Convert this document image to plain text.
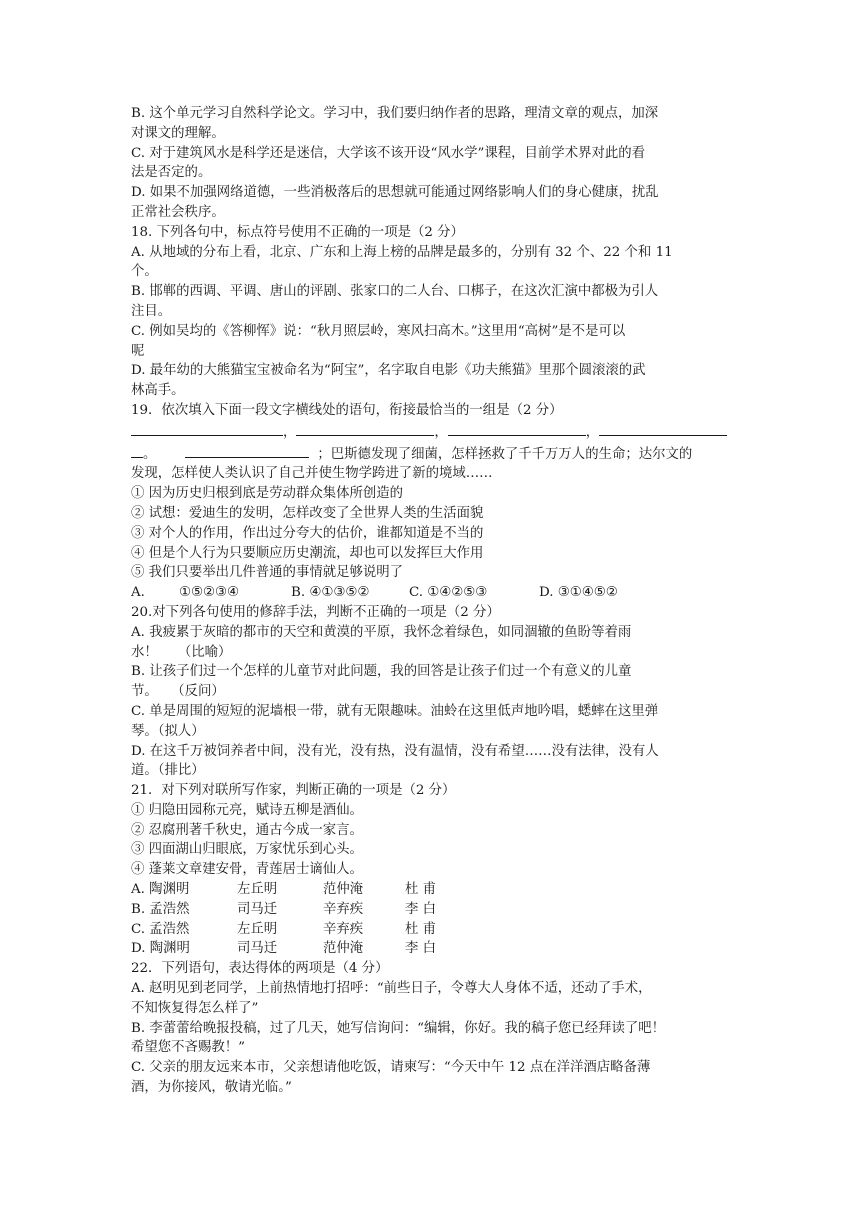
B. 这个单元学习自然科学论文。学习中，我们要归纳作者的思路，理清文章的观点，加深
对课文的理解。
C. 对于建筑风水是科学还是迷信，大学该不该开设“风水学”课程，目前学术界对此的看
法是否定的。
D. 如果不加强网络道德，一些消极落后的思想就可能通过网络影响人们的身心健康，扰乱
正常社会秩序。
18. 下列各句中，标点符号使用不正确的一项是（2 分）
A. 从地域的分布上看，北京、广东和上海上榜的品牌是最多的，分别有 32 个、22 个和 11
个。
B. 邯郸的西调、平调、唐山的评剧、张家口的二人台、口梆子，在这次汇演中都极为引人
注目。
C. 例如吴均的《答柳恽》说：“秋月照层岭，寒风扫高木。”这里用“高树”是不是可以
呢
D. 最年幼的大熊猫宝宝被命名为“阿宝”，名字取自电影《功夫熊猫》里那个圆滚滚的武
林高手。
19．依次填入下面一段文字横线处的语句，衔接最恰当的一组是（2 分）
，	，	，
。	；巴斯德发现了细菌，怎样拯救了千千万万人的生命；达尔文的
发现，怎样使人类认识了自己并使生物学跨进了新的境域……
① 因为历史归根到底是劳动群众集体所创造的
② 试想：爱迪生的发明，怎样改变了全世界人类的生活面貌
③ 对个人的作用，作出过分夸大的估价，谁都知道是不当的
④ 但是个人行为只要顺应历史潮流，却也可以发挥巨大作用
⑤ 我们只要举出几件普通的事情就足够说明了
A.	①⑤②③④	B. ④①③⑤②	C. ①④②⑤③	D. ③①④⑤②
20.对下列各句使用的修辞手法，判断不正确的一项是（2 分）
A. 我疲累于灰暗的都市的天空和黄漠的平原，我怀念着绿色，如同涸辙的鱼盼等着雨
水！　　（比喻）
B. 让孩子们过一个怎样的儿童节对此问题，我的回答是让孩子们过一个有意义的儿童
节。　　（反问）
C. 单是周围的短短的泥墙根一带，就有无限趣味。油蛉在这里低声地吟唱，蟋蟀在这里弹
琴。（拟人）
D. 在这千万被饲养者中间，没有光，没有热，没有温情，没有希望……没有法律，没有人
道。（排比）
21．对下列对联所写作家，判断正确的一项是（2 分）
① 归隐田园称元亮，赋诗五柳是酒仙。
② 忍腐刑著千秋史，通古今成一家言。
③ 四面湖山归眼底，万家忧乐到心头。
④ 蓬莱文章建安骨，青莲居士谪仙人。
A. 陶渊明	左丘明	范仲淹	杜 甫
B. 孟浩然	司马迁	辛弃疾	李 白
C. 孟浩然	左丘明	辛弃疾	杜 甫
D. 陶渊明	司马迁	范仲淹	李 白
22．下列语句，表达得体的两项是（4 分）
A. 赵明见到老同学，上前热情地打招呼：“前些日子，令尊大人身体不适，还动了手术，
不知恢复得怎么样了”
B. 李蕾蕾给晚报投稿，过了几天，她写信询问：“编辑，你好。我的稿子您已经拜读了吧！
希望您不吝赐教！”
C. 父亲的朋友远来本市，父亲想请他吃饭，请柬写：“今天中午 12 点在洋洋酒店略备薄
酒，为你接风，敬请光临。”
